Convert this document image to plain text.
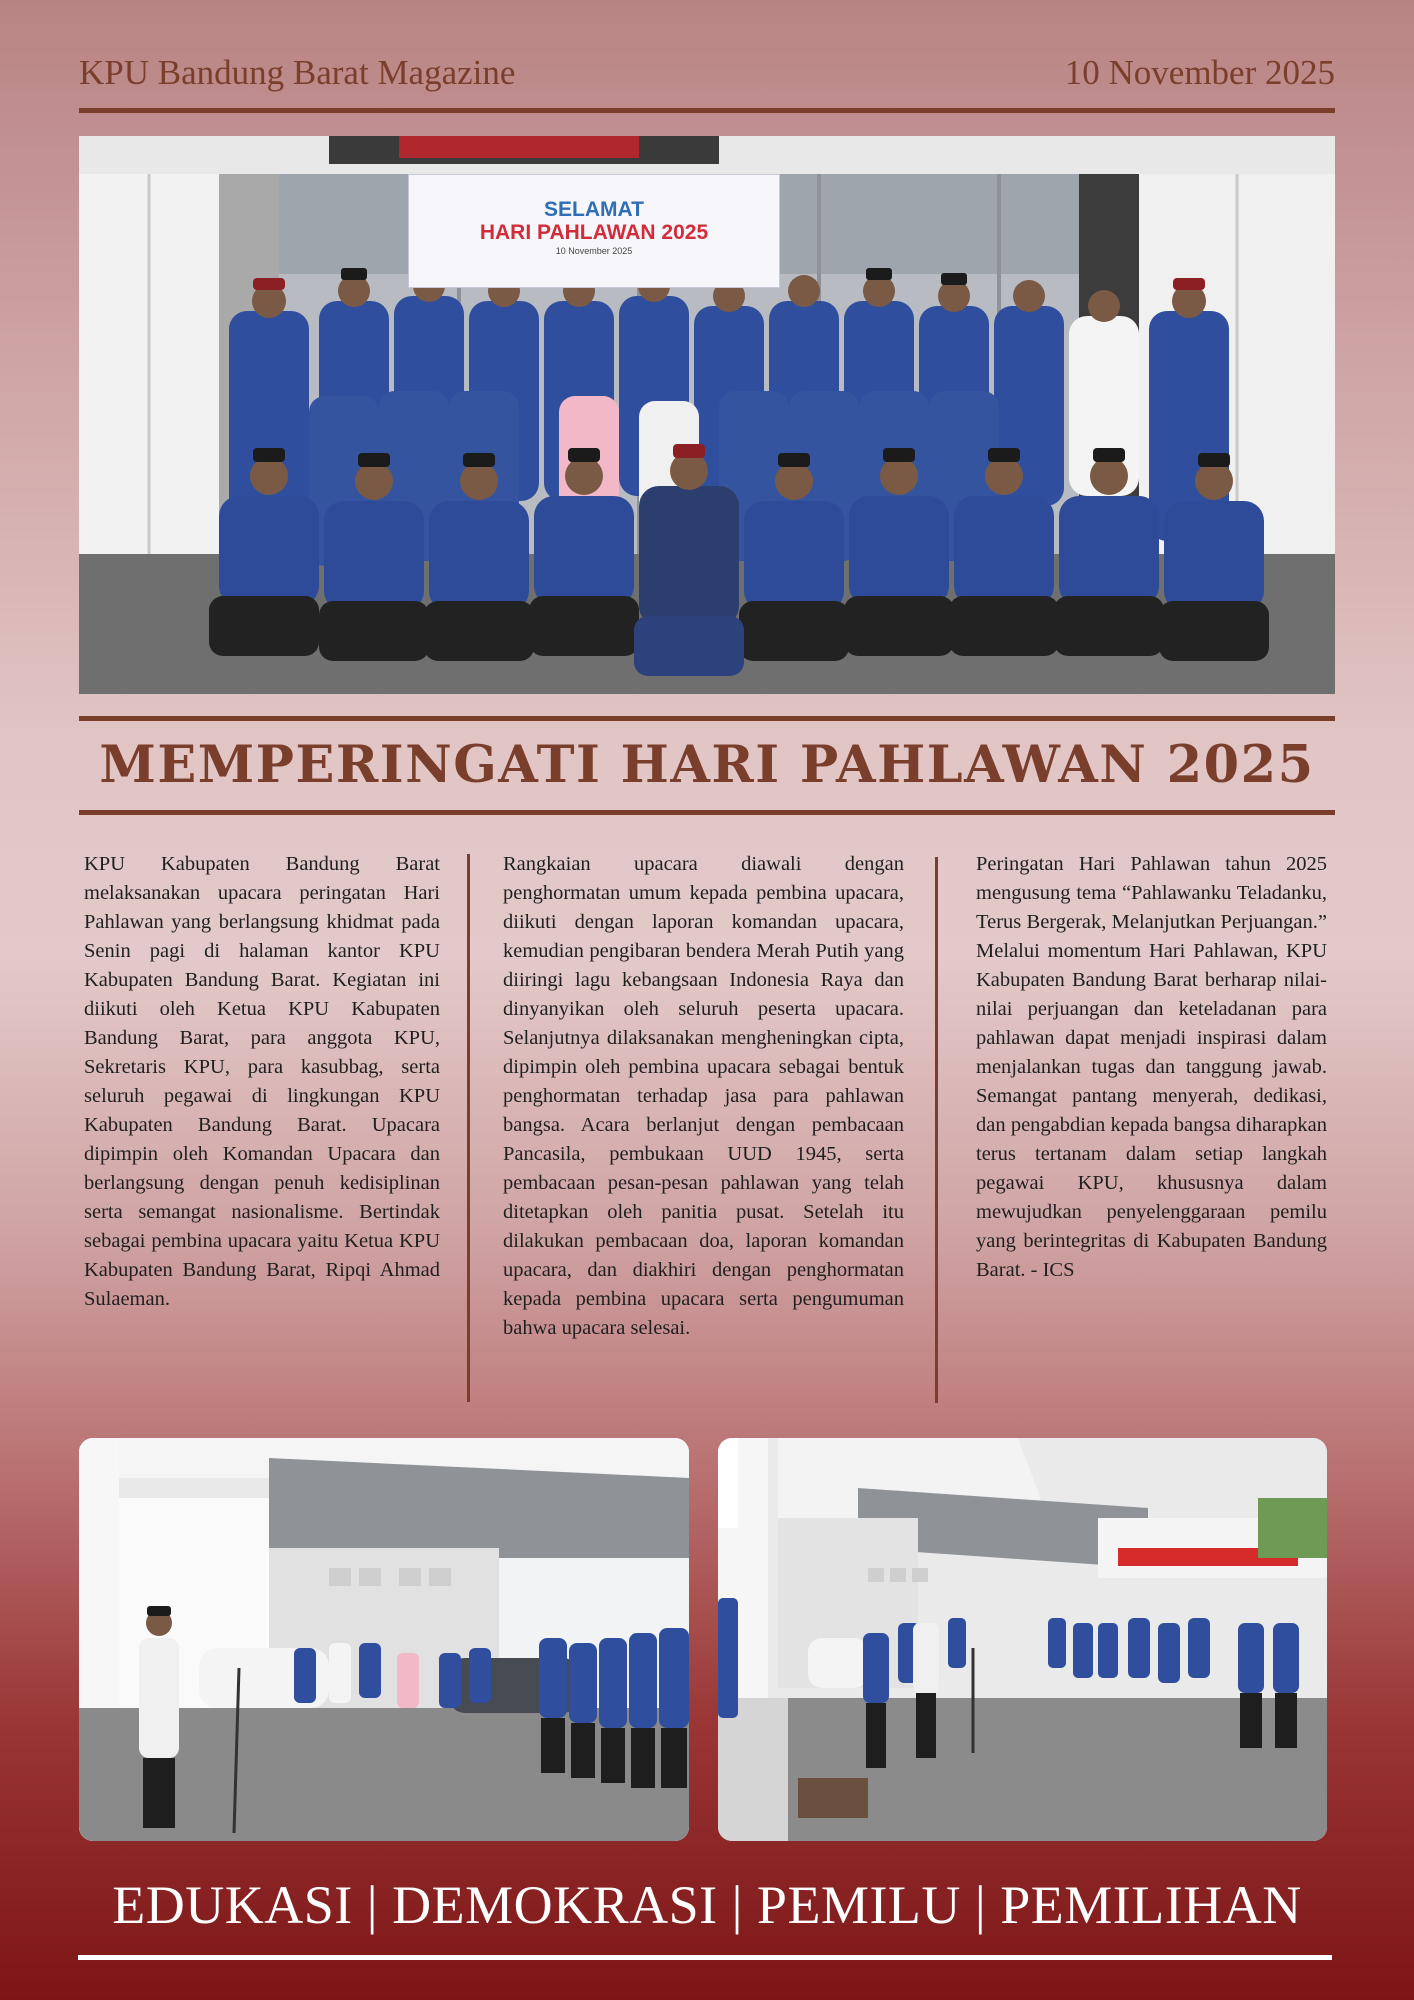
KPU Bandung Barat Magazine	10 November 2025
SELAMAT
HARI PAHLAWAN 2025
10 November 2025
MEMPERINGATI HARI PAHLAWAN 2025
KPU Kabupaten Bandung Barat melaksanakan upacara peringatan Hari Pahlawan yang berlangsung khidmat pada Senin pagi di halaman kantor KPU Kabupaten Bandung Barat. Kegiatan ini diikuti oleh Ketua KPU Kabupaten Bandung Barat, para anggota KPU, Sekretaris KPU, para kasubbag, serta seluruh pegawai di lingkungan KPU Kabupaten Bandung Barat. Upacara dipimpin oleh Komandan Upacara dan berlangsung dengan penuh kedisiplinan serta semangat nasionalisme. Bertindak sebagai pembina upacara yaitu Ketua KPU Kabupaten Bandung Barat, Ripqi Ahmad Sulaeman.
Rangkaian upacara diawali dengan penghormatan umum kepada pembina upacara, diikuti dengan laporan komandan upacara, kemudian pengibaran bendera Merah Putih yang diiringi lagu kebangsaan Indonesia Raya dan dinyanyikan oleh seluruh peserta upacara. Selanjutnya dilaksanakan mengheningkan cipta, dipimpin oleh pembina upacara sebagai bentuk penghormatan terhadap jasa para pahlawan bangsa. Acara berlanjut dengan pembacaan Pancasila, pembukaan UUD 1945, serta pembacaan pesan-pesan pahlawan yang telah ditetapkan oleh panitia pusat. Setelah itu dilakukan pembacaan doa, laporan komandan upacara, dan diakhiri dengan penghormatan kepada pembina upacara serta pengumuman bahwa upacara selesai.
Peringatan Hari Pahlawan tahun 2025 mengusung tema “Pahlawanku Teladanku, Terus Bergerak, Melanjutkan Perjuangan.” Melalui momentum Hari Pahlawan, KPU Kabupaten Bandung Barat berharap nilai-nilai perjuangan dan keteladanan para pahlawan dapat menjadi inspirasi dalam menjalankan tugas dan tanggung jawab. Semangat pantang menyerah, dedikasi, dan pengabdian kepada bangsa diharapkan terus tertanam dalam setiap langkah pegawai KPU, khususnya dalam mewujudkan penyelenggaraan pemilu yang berintegritas di Kabupaten Bandung Barat. - ICS
EDUKASI | DEMOKRASI | PEMILU | PEMILIHAN
